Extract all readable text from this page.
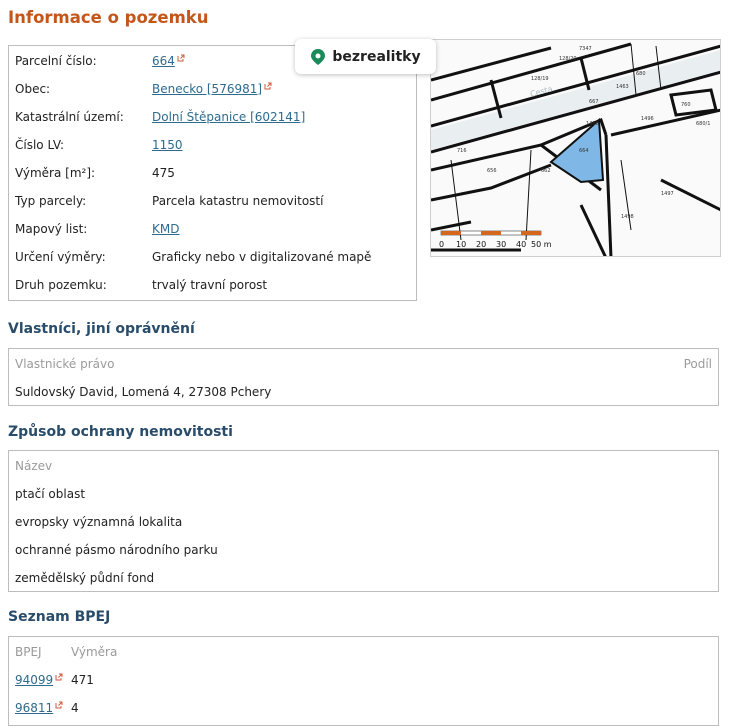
Informace o pozemku
Parcelní číslo:	664
Obec:	Benecko [576981]
Katastrální území: Dolní Štěpanice [602141]
Číslo LV:	1150
Výměra [m²]:	475
Typ parcely:	Parcela katastru nemovitostí
Mapový list:	KMD
Určení výměry:	Graficky nebo v digitalizované mapě
Druh pozemku:	trvalý travní porost
664
667
662
656
716
1497
1496
1498
680
128/19
128/20
7347
1463
760
680/1
1486
Cesta
0 10 20 30 40 50 m
bezrealitky
Vlastníci, jiní oprávnění
Vlastnické právo	Podíl
Suldovský David, Lomená 4, 27308 Pchery
Způsob ochrany nemovitosti
Název
ptačí oblast
evropsky významná lokalita
ochranné pásmo národního parku
zemědělský půdní fond
Seznam BPEJ
BPEJ Výměra
94099	471
96811	4
